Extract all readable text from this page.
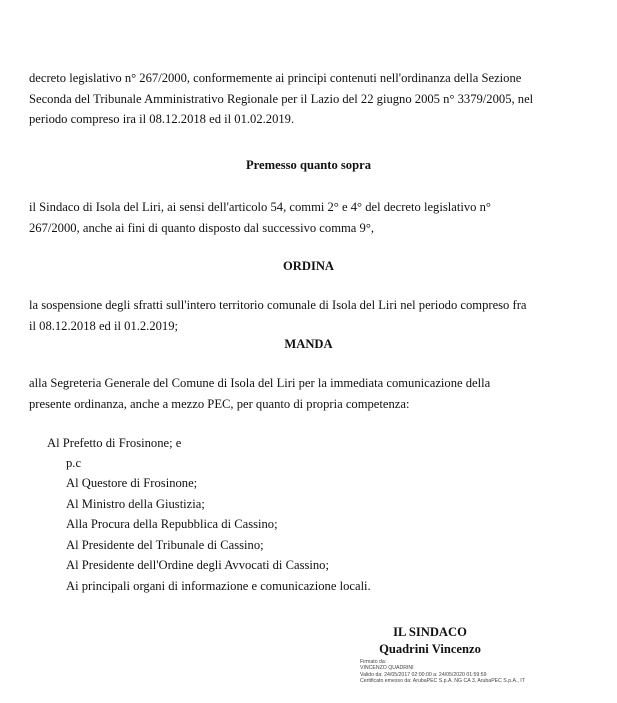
decreto legislativo n° 267/2000, conformemente ai principi contenuti nell'ordinanza della Sezione
Seconda del Tribunale Amministrativo Regionale per il Lazio del 22 giugno 2005 n° 3379/2005, nel
periodo compreso ira il 08.12.2018 ed il 01.02.2019.

Premesso quanto sopra

il Sindaco di Isola del Liri, ai sensi dell'articolo 54, commi 2° e 4° del decreto legislativo n°
267/2000, anche ai fini di quanto disposto dal successivo comma 9°,

ORDINA

la sospensione degli sfratti sull'intero territorio comunale di Isola del Liri nel periodo compreso fra
il 08.12.2018 ed il 01.2.2019;

MANDA

alla Segreteria Generale del Comune di Isola del Liri per la immediata comunicazione della
presente ordinanza, anche a mezzo PEC, per quanto di propria competenza:

Al Prefetto di Frosinone; e

p.c

Al Questore di Frosinone;
Al Ministro della Giustizia;
Alla Procura della Repubblica di Cassino;
Al Presidente del Tribunale di Cassino;
Al Presidente dell'Ordine degli Avvocati di Cassino;
Ai principali organi di informazione e comunicazione locali.
IL SINDACO
Quadrini Vincenzo
Firmato da:
VINCENZO QUADRINI
Valido da: 24/05/2017 02:00:00 a: 24/05/2020 01:59:59
Certificato emesso da: ArubaPEC S.p.A. NG CA 3, ArubaPEC S.p.A., IT
